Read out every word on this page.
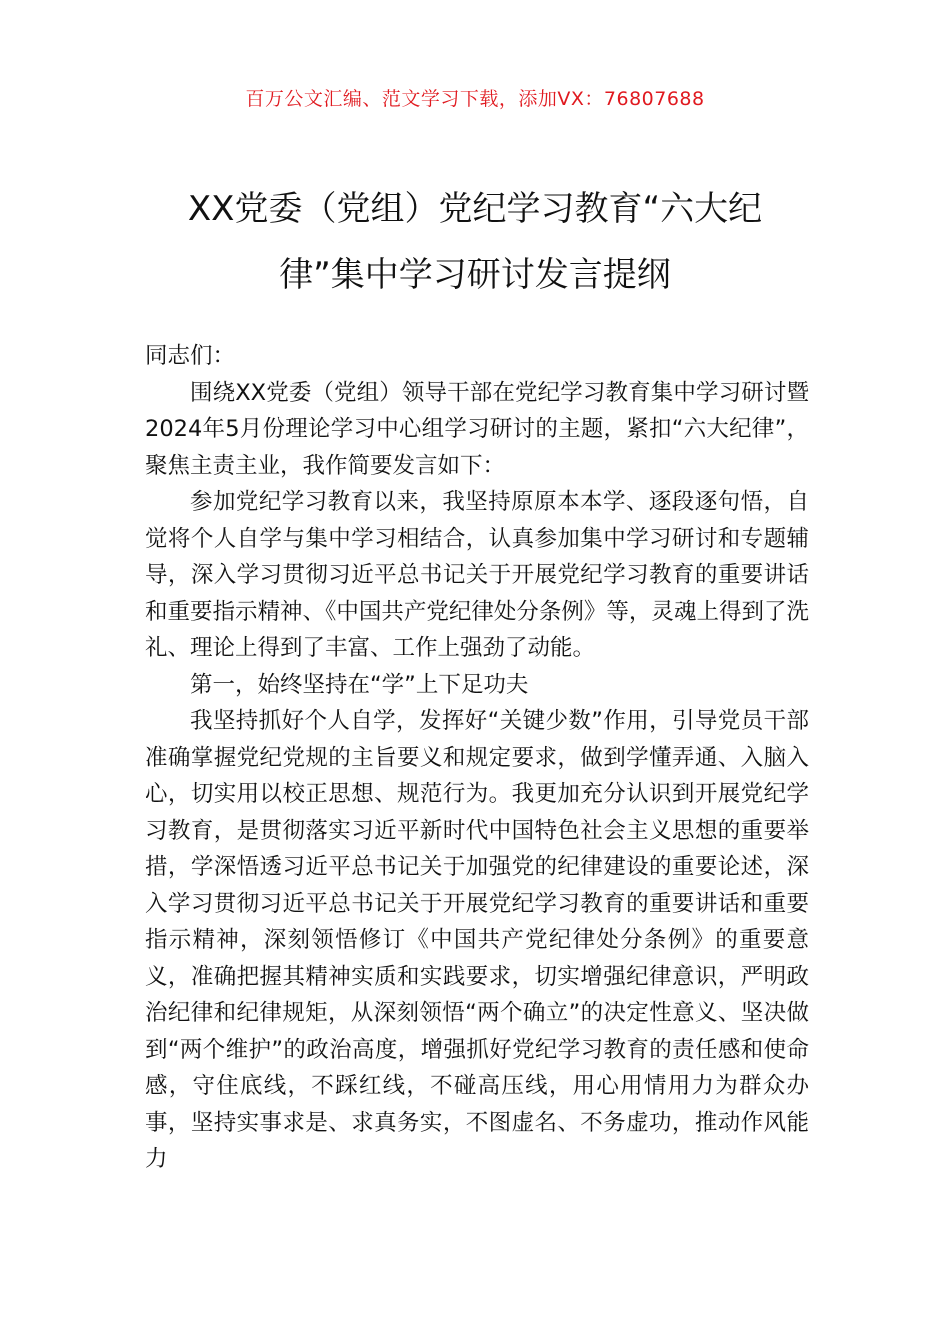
百万公文汇编、范文学习下载，添加VX：76807688
XX党委（党组）党纪学习教育“六大纪
律”集中学习研讨发言提纲

同志们：

围绕XX党委（党组）领导干部在党纪学习教育集中学习研讨暨2024年5月份理论学习中心组学习研讨的主题，紧扣“六大纪律”，聚焦主责主业，我作简要发言如下：

参加党纪学习教育以来，我坚持原原本本学、逐段逐句悟，自觉将个人自学与集中学习相结合，认真参加集中学习研讨和专题辅导，深入学习贯彻习近平总书记关于开展党纪学习教育的重要讲话和重要指示精神、《中国共产党纪律处分条例》等，灵魂上得到了洗礼、理论上得到了丰富、工作上强劲了动能。

第一，始终坚持在“学”上下足功夫

我坚持抓好个人自学，发挥好“关键少数”作用，引导党员干部准确掌握党纪党规的主旨要义和规定要求，做到学懂弄通、入脑入心，切实用以校正思想、规范行为。我更加充分认识到开展党纪学习教育，是贯彻落实习近平新时代中国特色社会主义思想的重要举措，学深悟透习近平总书记关于加强党的纪律建设的重要论述，深入学习贯彻习近平总书记关于开展党纪学习教育的重要讲话和重要指示精神，深刻领悟修订《中国共产党纪律处分条例》的重要意义，准确把握其精神实质和实践要求，切实增强纪律意识，严明政治纪律和纪律规矩，从深刻领悟“两个确立”的决定性意义、坚决做到“两个维护”的政治高度，增强抓好党纪学习教育的责任感和使命感，守住底线，不踩红线，不碰高压线，用心用情用力为群众办事，坚持实事求是、求真务实，不图虚名、不务虚功，推动作风能力
